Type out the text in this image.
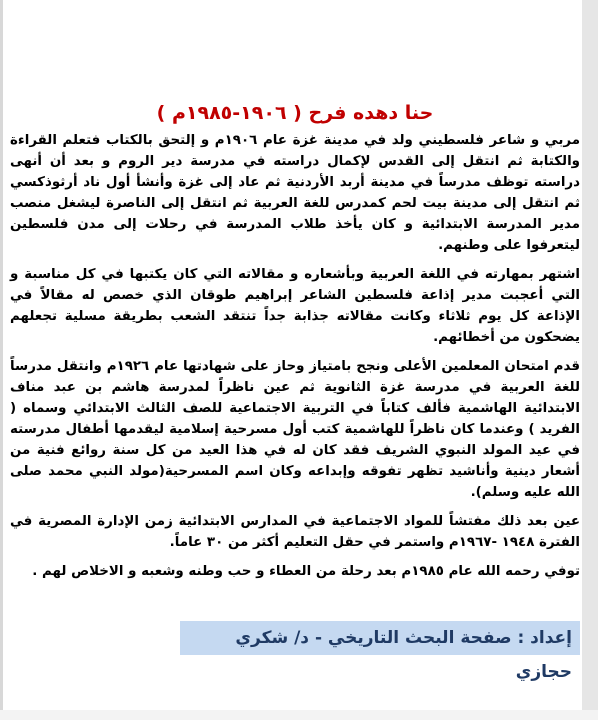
حنا دهده فرح ( ١٩٠٦-١٩٨٥م )

مربي و شاعر فلسطيني ولد في مدينة غزة عام ١٩٠٦م و إلتحق بالكتاب فتعلم القراءة والكتابة ثم انتقل إلى القدس لإكمال دراسته في مدرسة دير الروم و بعد أن أنهى دراسته توظف مدرساً في مدينة أربد الأردنية ثم عاد إلى غزة وأنشأ أول ناد أرثوذكسي ثم انتقل إلى مدينة بيت لحم كمدرس للغة العربية ثم انتقل إلى الناصرة ليشغل منصب مدير المدرسة الابتدائية و كان يأخذ طلاب المدرسة في رحلات إلى مدن فلسطين ليتعرفوا على وطنهم.

اشتهر بمهارته في اللغة العربية وبأشعاره و مقالاته التي كان يكتبها في كل مناسبة و التي أعجبت مدير إذاعة فلسطين الشاعر إبراهيم طوقان الذي خصص له مقالاً في الإذاعة كل يوم ثلاثاء وكانت مقالاته جذابة جداً تنتقد الشعب بطريقة مسلية تجعلهم يضحكون من أخطائهم.

قدم امتحان المعلمين الأعلى ونجح بامتياز وحاز على شهادتها عام ١٩٢٦م وانتقل مدرساً للغة العربية في مدرسة غزة الثانوية ثم عين ناظراً لمدرسة هاشم بن عبد مناف الابتدائية الهاشمية فألف كتاباً في التربية الاجتماعية للصف الثالث الابتدائي وسماه ( الفريد ) وعندما كان ناظراً للهاشمية كتب أول مسرحية إسلامية ليقدمها أطفال مدرسته في عيد المولد النبوي الشريف فقد كان له في هذا العيد من كل سنة روائع فنية من أشعار دينية وأناشيد تظهر تفوقه وإبداعه وكان اسم المسرحية(مولد النبي محمد صلى الله عليه وسلم).

عين بعد ذلك مفتشاً للمواد الاجتماعية في المدارس الابتدائية زمن الإدارة المصرية في الفترة ١٩٤٨ -١٩٦٧م واستمر في حقل التعليم أكثر من ٣٠ عاماً.

توفي رحمه الله عام ١٩٨٥م بعد رحلة من العطاء و حب وطنه وشعبه و الاخلاص لهم .

إعداد : صفحة البحث التاريخي - د/ شكري حجازي
